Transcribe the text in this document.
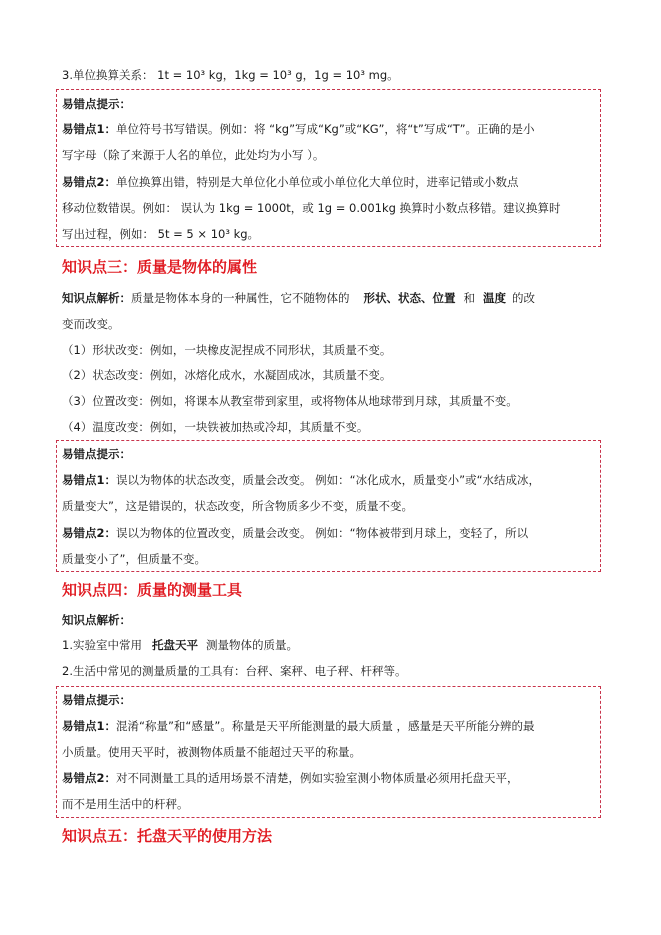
3.单位换算关系： 1t = 10³ kg，1kg = 10³ g，1g = 10³ mg。
易错点提示：
易错点1：单位符号书写错误。例如：将 “kg”写成“Kg”或“KG”，将“t”写成“T”。正确的是小
写字母（除了来源于人名的单位，此处均为小写 ）。
易错点2：单位换算出错，特别是大单位化小单位或小单位化大单位时，进率记错或小数点
移动位数错误。例如： 误认为 1kg = 1000t，或 1g = 0.001kg 换算时小数点移错。建议换算时
写出过程，例如： 5t = 5 × 10³ kg。
知识点三：质量是物体的属性
知识点解析：质量是物体本身的一种属性，它不随物体的 形状、状态、位置 和 温度 的改
变而改变。
（1）形状改变：例如，一块橡皮泥捏成不同形状，其质量不变。
（2）状态改变：例如，冰熔化成水，水凝固成冰，其质量不变。
（3）位置改变：例如，将课本从教室带到家里，或将物体从地球带到月球，其质量不变。
（4）温度改变：例如，一块铁被加热或冷却，其质量不变。
易错点提示：
易错点1：误以为物体的状态改变，质量会改变。 例如：“冰化成水，质量变小”或“水结成冰，
质量变大”，这是错误的，状态改变，所含物质多少不变，质量不变。
易错点2：误以为物体的位置改变，质量会改变。 例如：“物体被带到月球上，变轻了，所以
质量变小了”，但质量不变。
知识点四：质量的测量工具
知识点解析：
1.实验室中常用 托盘天平 测量物体的质量。
2.生活中常见的测量质量的工具有：台秤、案秤、电子秤、杆秤等。
易错点提示：
易错点1：混淆“称量”和“感量”。称量是天平所能测量的最大质量 ，感量是天平所能分辨的最
小质量。使用天平时，被测物体质量不能超过天平的称量。
易错点2：对不同测量工具的适用场景不清楚，例如实验室测小物体质量必须用托盘天平，
而不是用生活中的杆秤。
知识点五：托盘天平的使用方法
